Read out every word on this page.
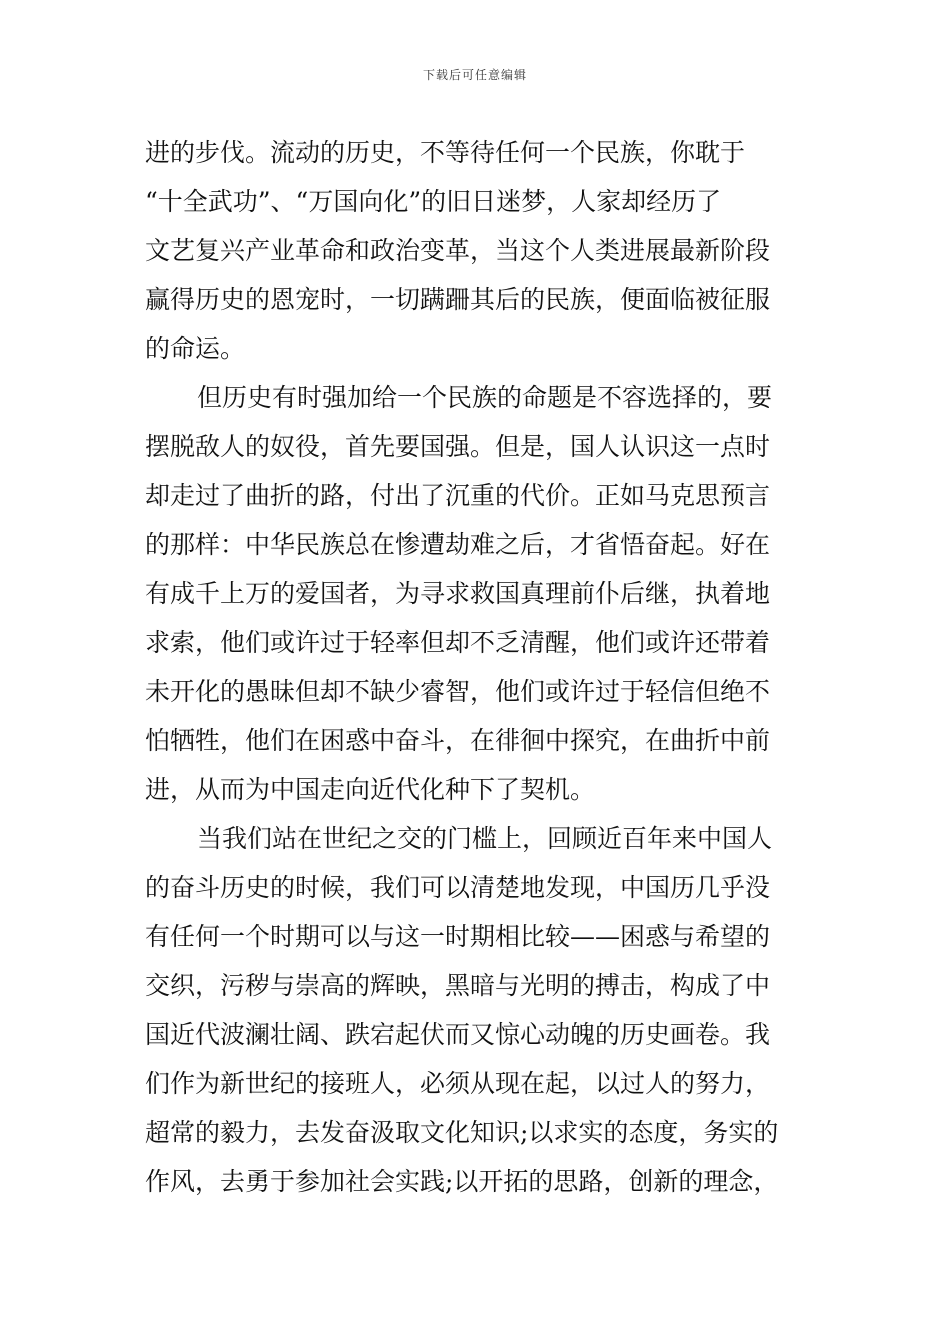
下载后可任意编辑
进的步伐。流动的历史，不等待任何一个民族，你耽于
“十全武功”、“万国向化”的旧日迷梦，人家却经历了
文艺复兴产业革命和政治变革，当这个人类进展最新阶段
赢得历史的恩宠时，一切蹒跚其后的民族，便面临被征服
的命运。
但历史有时强加给一个民族的命题是不容选择的，要
摆脱敌人的奴役，首先要国强。但是，国人认识这一点时
却走过了曲折的路，付出了沉重的代价。正如马克思预言
的那样：中华民族总在惨遭劫难之后，才省悟奋起。好在
有成千上万的爱国者，为寻求救国真理前仆后继，执着地
求索，他们或许过于轻率但却不乏清醒，他们或许还带着
未开化的愚昧但却不缺少睿智，他们或许过于轻信但绝不
怕牺牲，他们在困惑中奋斗，在徘徊中探究，在曲折中前
进，从而为中国走向近代化种下了契机。
当我们站在世纪之交的门槛上，回顾近百年来中国人
的奋斗历史的时候，我们可以清楚地发现，中国历几乎没
有任何一个时期可以与这一时期相比较——困惑与希望的
交织，污秽与崇高的辉映，黑暗与光明的搏击，构成了中
国近代波澜壮阔、跌宕起伏而又惊心动魄的历史画卷。我
们作为新世纪的接班人，必须从现在起，以过人的努力，
超常的毅力，去发奋汲取文化知识;以求实的态度，务实的
作风，去勇于参加社会实践;以开拓的思路，创新的理念，
